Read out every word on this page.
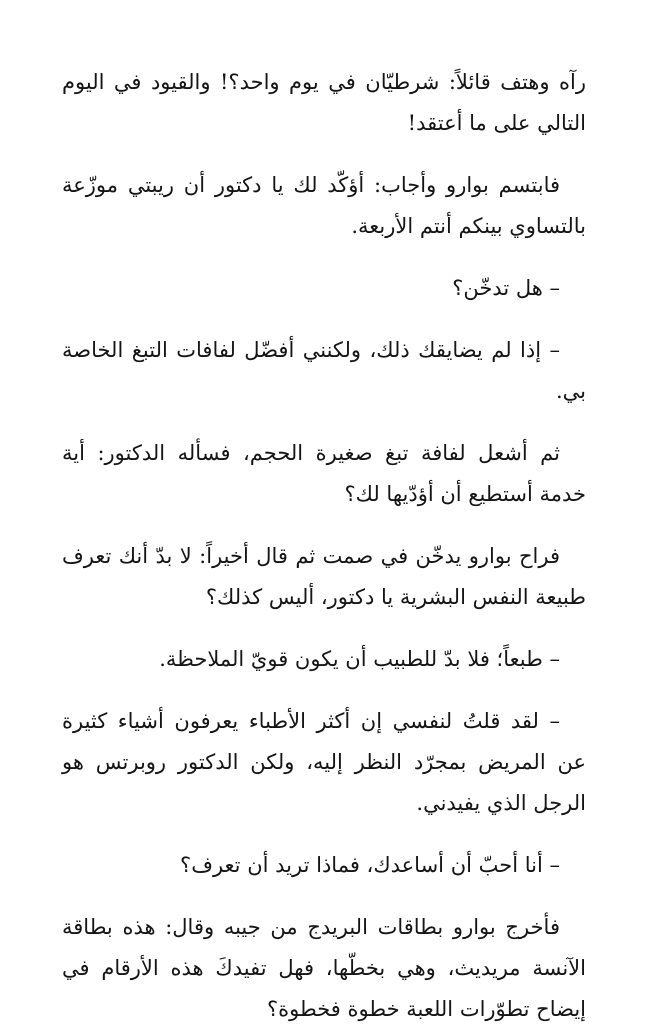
رآه وهتف قائلاً: شرطيّان في يوم واحد؟! والقيود في اليوم التالي على ما أعتقد!

فابتسم بوارو وأجاب: أؤكّد لك يا دكتور أن ريبتي موزّعة بالتساوي بينكم أنتم الأربعة.

– هل تدخّن؟

– إذا لم يضايقك ذلك، ولكنني أفضّل لفافات التبغ الخاصة بي.

ثم أشعل لفافة تبغ صغيرة الحجم، فسأله الدكتور: أية خدمة أستطيع أن أؤدّيها لك؟

فراح بوارو يدخّن في صمت ثم قال أخيراً: لا بدّ أنك تعرف طبيعة النفس البشرية يا دكتور، أليس كذلك؟

– طبعاً؛ فلا بدّ للطبيب أن يكون قويّ الملاحظة.

– لقد قلتُ لنفسي إن أكثر الأطباء يعرفون أشياء كثيرة عن المريض بمجرّد النظر إليه، ولكن الدكتور روبرتس هو الرجل الذي يفيدني.

– أنا أحبّ أن أساعدك، فماذا تريد أن تعرف؟

فأخرج بوارو بطاقات البريدج من جيبه وقال: هذه بطاقة الآنسة مريديث، وهي بخطّها، فهل تفيدكَ هذه الأرقام في إيضاح تطوّرات اللعبة خطوة فخطوة؟
